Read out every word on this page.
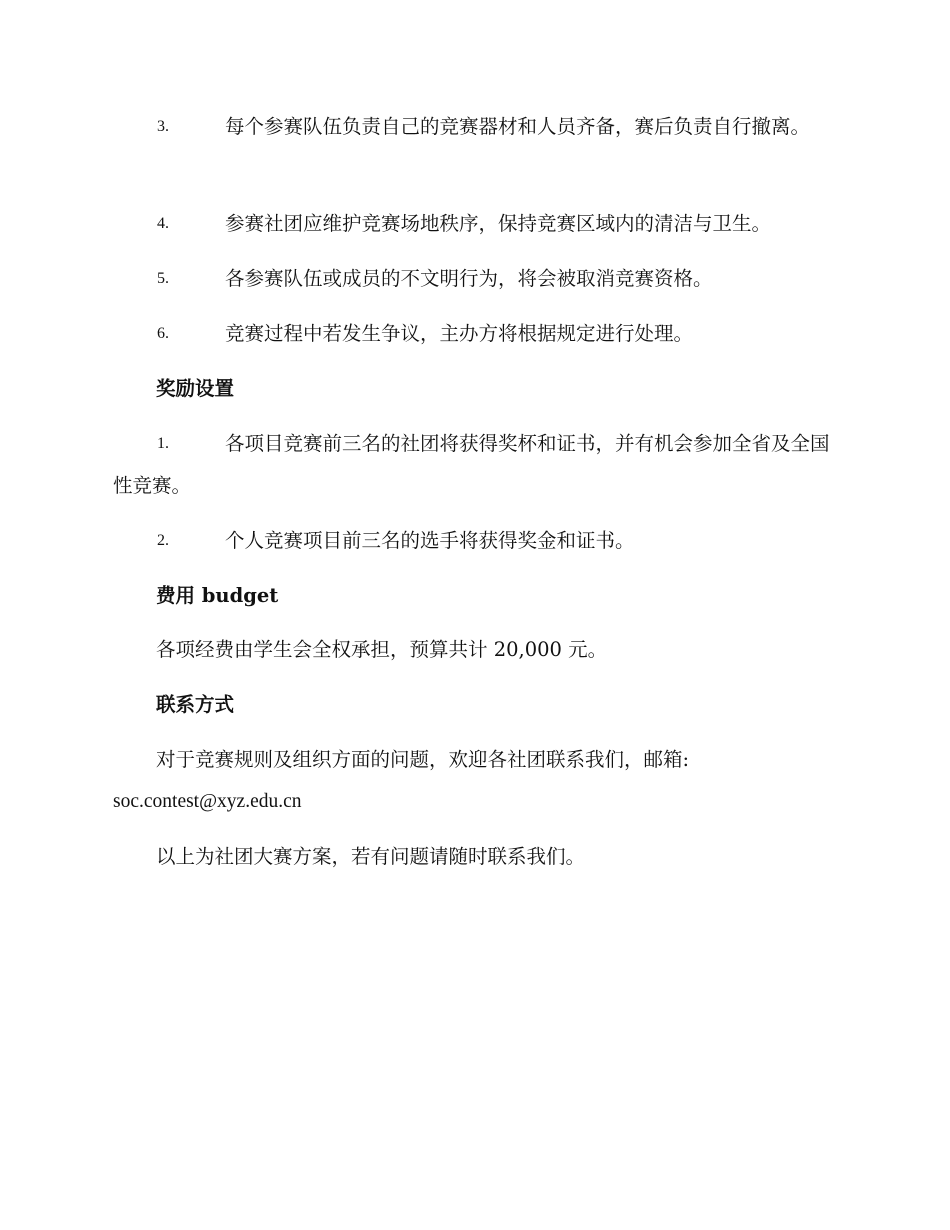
3.	每个参赛队伍负责自己的竞赛器材和人员齐备，赛后负责自行撤离。
4.	参赛社团应维护竞赛场地秩序，保持竞赛区域内的清洁与卫生。
5.	各参赛队伍或成员的不文明行为，将会被取消竞赛资格。
6.	竞赛过程中若发生争议，主办方将根据规定进行处理。
奖励设置
1.	各项目竞赛前三名的社团将获得奖杯和证书，并有机会参加全省及全国性竞赛。
2.	个人竞赛项目前三名的选手将获得奖金和证书。
费用 budget
各项经费由学生会全权承担，预算共计 20,000 元。
联系方式
对于竞赛规则及组织方面的问题，欢迎各社团联系我们，邮箱:
soc.contest@xyz.edu.cn
以上为社团大赛方案，若有问题请随时联系我们。
